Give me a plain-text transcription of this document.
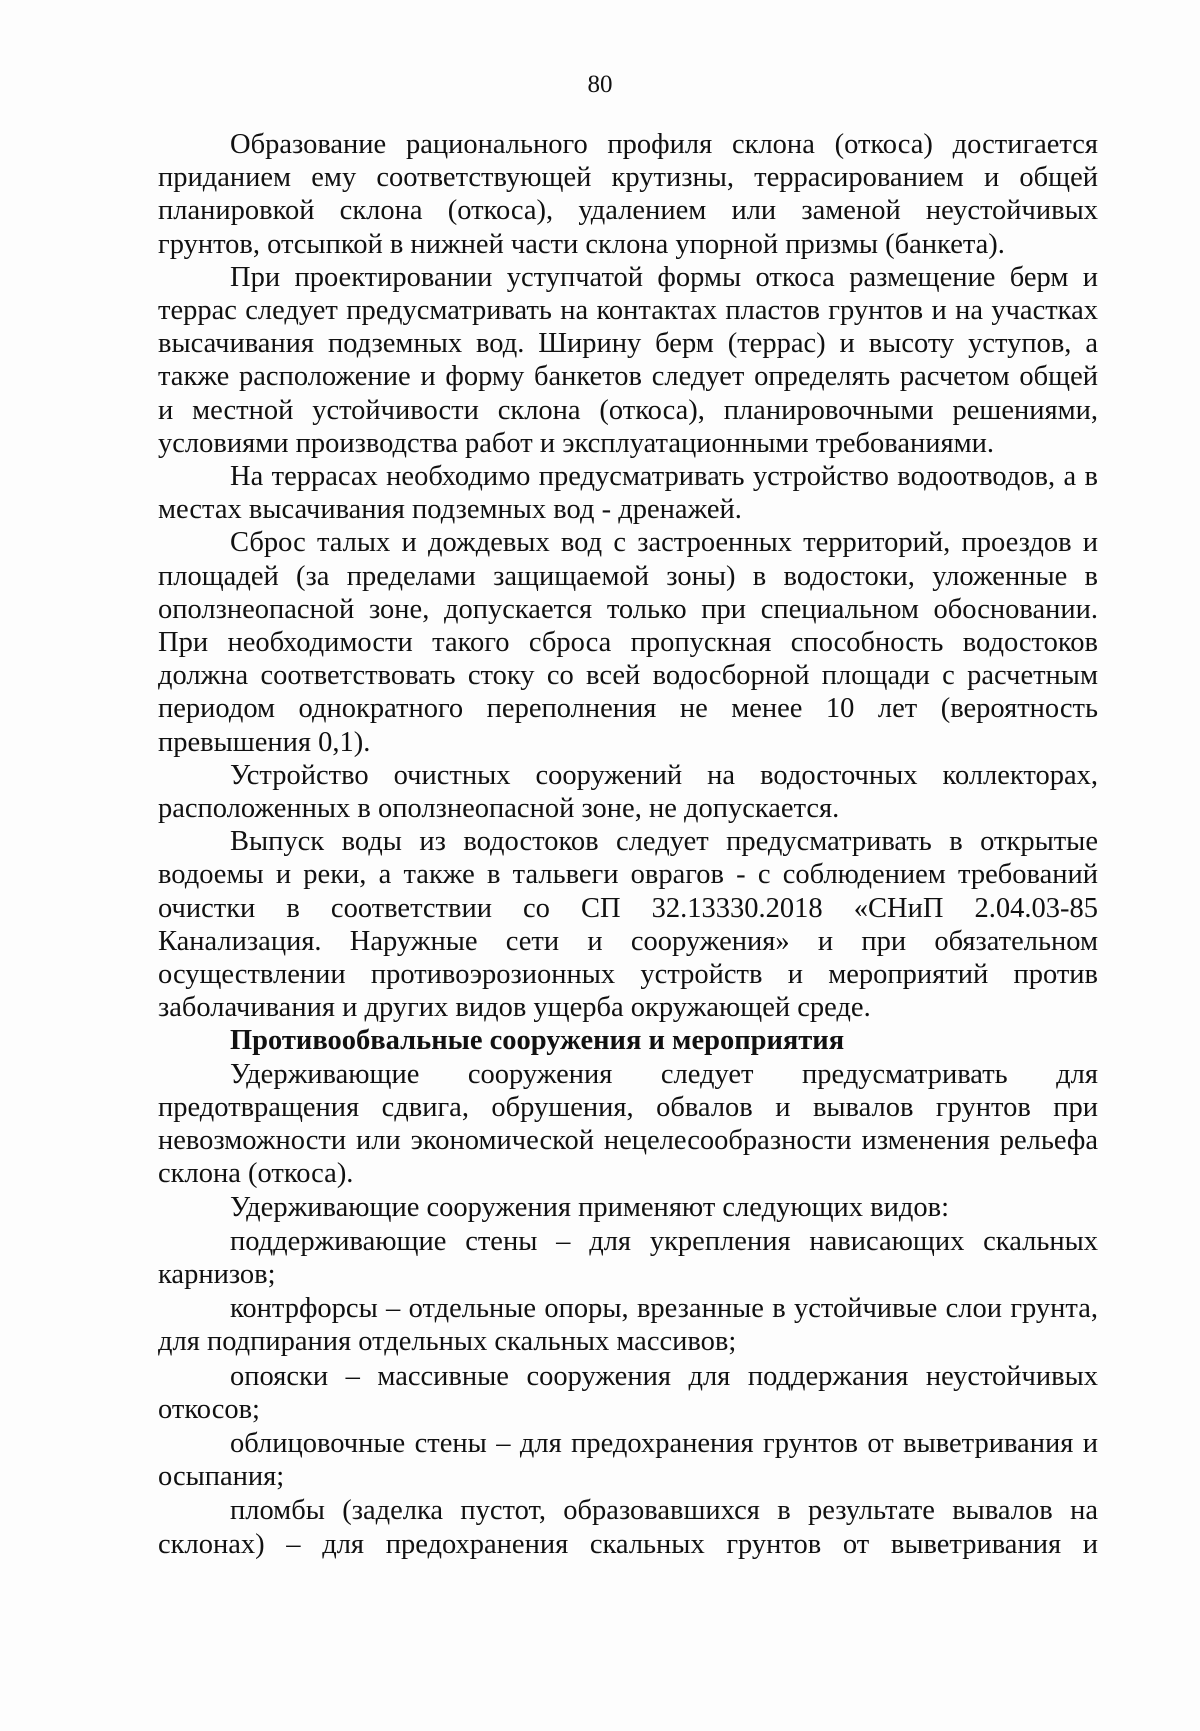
80

Образование рационального профиля склона (откоса) достигается приданием ему соответствующей крутизны, террасированием и общей планировкой склона (откоса), удалением или заменой неустойчивых грунтов, отсыпкой в нижней части склона упорной призмы (банкета).

При проектировании уступчатой формы откоса размещение берм и террас следует предусматривать на контактах пластов грунтов и на участках высачивания подземных вод. Ширину берм (террас) и высоту уступов, а также расположение и форму банкетов следует определять расчетом общей и местной устойчивости склона (откоса), планировочными решениями, условиями производства работ и эксплуатационными требованиями.

На террасах необходимо предусматривать устройство водоотводов, а в местах высачивания подземных вод - дренажей.

Сброс талых и дождевых вод с застроенных территорий, проездов и площадей (за пределами защищаемой зоны) в водостоки, уложенные в оползнеопасной зоне, допускается только при специальном обосновании. При необходимости такого сброса пропускная способность водостоков должна соответствовать стоку со всей водосборной площади с расчетным периодом однократного переполнения не менее 10 лет (вероятность превышения 0,1).

Устройство очистных сооружений на водосточных коллекторах, расположенных в оползнеопасной зоне, не допускается.

Выпуск воды из водостоков следует предусматривать в открытые водоемы и реки, а также в тальвеги оврагов - с соблюдением требований очистки в соответствии со СП 32.13330.2018 «СНиП 2.04.03-85 Канализация. Наружные сети и сооружения» и при обязательном осуществлении противоэрозионных устройств и мероприятий против заболачивания и других видов ущерба окружающей среде.

Противообвальные сооружения и мероприятия

Удерживающие сооружения следует предусматривать для предотвращения сдвига, обрушения, обвалов и вывалов грунтов при невозможности или экономической нецелесообразности изменения рельефа склона (откоса).

Удерживающие сооружения применяют следующих видов:

поддерживающие стены – для укрепления нависающих скальных карнизов;

контрфорсы – отдельные опоры, врезанные в устойчивые слои грунта, для подпирания отдельных скальных массивов;

опояски – массивные сооружения для поддержания неустойчивых откосов;

облицовочные стены – для предохранения грунтов от выветривания и осыпания;

пломбы (заделка пустот, образовавшихся в результате вывалов на склонах) – для предохранения скальных грунтов от выветривания и
